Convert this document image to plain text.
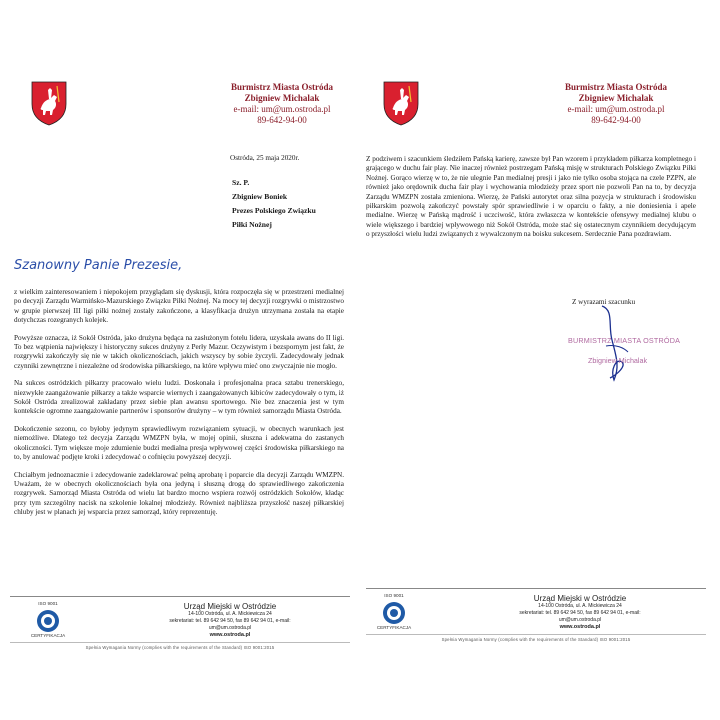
Burmistrz Miasta Ostróda
Zbigniew Michalak
e-mail: um@um.ostroda.pl
89-642-94-00
Ostróda, 25 maja 2020r.
Sz. P.
Zbigniew Boniek
Prezes Polskiego Związku
Piłki Nożnej
Szanowny Panie Prezesie,

z wielkim zainteresowaniem i niepokojem przyglądam się dyskusji, która rozpoczęła się w przestrzeni medialnej po decyzji Zarządu Warmińsko-Mazurskiego Związku Piłki Nożnej. Na mocy tej decyzji rozgrywki o mistrzostwo w grupie pierwszej III ligi piłki nożnej zostały zakończone, a klasyfikacja drużyn utrzymana została na etapie dotychczas rozegranych kolejek.

Powyższe oznacza, iż Sokół Ostróda, jako drużyna będąca na zasłużonym fotelu lidera, uzyskała awans do II ligi. To bez wątpienia największy i historyczny sukces drużyny z Perły Mazur. Oczywistym i bezspornym jest fakt, że rozgrywki zakończyły się nie w takich okolicznościach, jakich wszyscy by sobie życzyli. Zadecydowały jednak czynniki zewnętrzne i niezależne od środowiska piłkarskiego, na które wpływu mieć ono zwyczajnie nie mogło.

Na sukces ostródzkich piłkarzy pracowało wielu ludzi. Doskonała i profesjonalna praca sztabu trenerskiego, niezwykłe zaangażowanie piłkarzy a także wsparcie wiernych i zaangażowanych kibiców zadecydowały o tym, iż Sokół Ostróda zrealizował zakładany przez siebie plan awansu sportowego. Nie bez znaczenia jest w tym kontekście ogromne zaangażowanie partnerów i sponsorów drużyny – w tym również samorządu Miasta Ostróda.

Dokończenie sezonu, co byłoby jedynym sprawiedliwym rozwiązaniem sytuacji, w obecnych warunkach jest niemożliwe. Dlatego też decyzja Zarządu WMZPN była, w mojej opinii, słuszna i adekwatna do zastanych okoliczności. Tym większe moje zdumienie budzi medialna presja wpływowej części środowiska piłkarskiego na to, by anulować podjęte kroki i zdecydować o cofnięciu powyższej decyzji.

Chciałbym jednoznacznie i zdecydowanie zadeklarować pełną aprobatę i poparcie dla decyzji Zarządu WMZPN. Uważam, że w obecnych okolicznościach była ona jedyną i słuszną drogą do sprawiedliwego zakończenia rozgrywek. Samorząd Miasta Ostróda od wielu lat bardzo mocno wspiera rozwój ostródzkich Sokołów, kładąc przy tym szczególny nacisk na szkolenie lokalnej młodzieży. Również najbliższa przyszłość naszej piłkarskiej chluby jest w planach jej wsparcia przez samorząd, który reprezentuję.

ISO 9001
CERTYFIKACJA
Urząd Miejski w Ostródzie
14-100 Ostróda, ul. A. Mickiewicza 24
sekretariat: tel. 89 642 94 50, fax 89 642 94 01, e-mail: um@um.ostroda.pl
www.ostroda.pl
Spełnia Wymagania Normy (complies with the requirements of the Standard) ISO 9001:2015
Burmistrz Miasta Ostróda
Zbigniew Michalak
e-mail: um@um.ostroda.pl
89-642-94-00

Z podziwem i szacunkiem śledziłem Pańską karierę, zawsze był Pan wzorem i przykładem piłkarza kompletnego i grającego w duchu fair play. Nie inaczej również postrzegam Pańską misję w strukturach Polskiego Związku Piłki Nożnej. Gorąco wierzę w to, że nie ulegnie Pan medialnej presji i jako nie tylko osoba stojąca na czele PZPN, ale również jako orędownik ducha fair play i wychowania młodzieży przez sport nie pozwoli Pan na to, by decyzja Zarządu WMZPN została zmieniona. Wierzę, że Pański autorytet oraz silna pozycja w strukturach i środowisku piłkarskim pozwolą zakończyć powstały spór sprawiedliwie i w oparciu o fakty, a nie doniesienia i apele medialne. Wierzę w Pańską mądrość i uczciwość, która zwłaszcza w kontekście ofensywy medialnej klubu o wiele większego i bardziej wpływowego niż Sokół Ostróda, może stać się ostatecznym czynnikiem decydującym o przyszłości wielu ludzi związanych z wywalczonym na boisku sukcesem. Serdecznie Pana pozdrawiam.

Z wyrazami szacunku
BURMISTRZ MIASTA OSTRÓDA
Zbigniew Michalak
ISO 9001
CERTYFIKACJA
Urząd Miejski w Ostródzie
14-100 Ostróda, ul. A. Mickiewicza 24
sekretariat: tel. 89 642 94 50, fax 89 642 94 01, e-mail: um@um.ostroda.pl
www.ostroda.pl
Spełnia Wymagania Normy (complies with the requirements of the Standard) ISO 9001:2015
